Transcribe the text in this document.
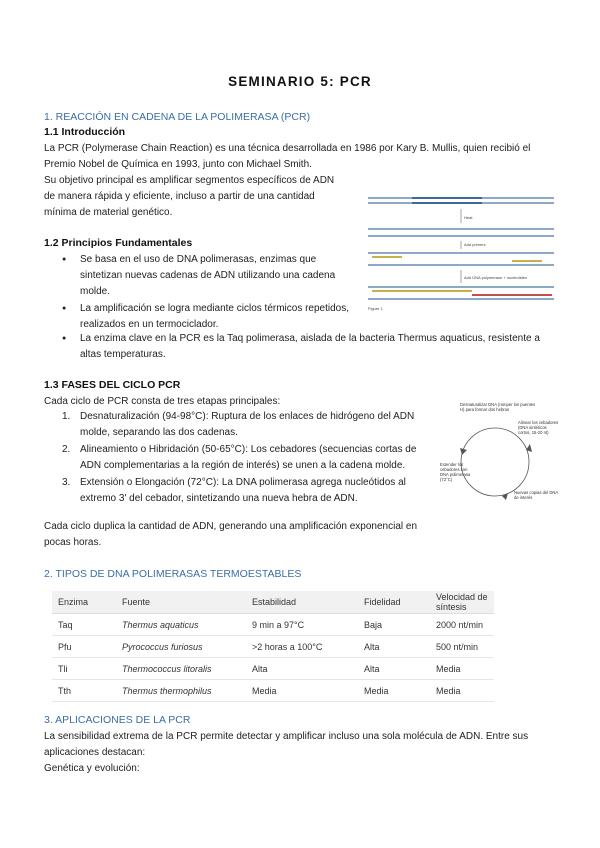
SEMINARIO 5: PCR
1. REACCIÓN EN CADENA DE LA POLIMERASA (PCR)
1.1 Introducción
La PCR (Polymerase Chain Reaction) es una técnica desarrollada en 1986 por Kary B. Mullis, quien recibió el Premio Nobel de Química en 1993, junto con Michael Smith.
Su objetivo principal es amplificar segmentos específicos de ADN de manera rápida y eficiente, incluso a partir de una cantidad mínima de material genético.
1.2 Principios Fundamentales
● Se basa en el uso de DNA polimerasas, enzimas que sintetizan nuevas cadenas de ADN utilizando una cadena molde.
● La amplificación se logra mediante ciclos térmicos repetidos, realizados en un termociclador.
● La enzima clave en la PCR es la Taq polimerasa, aislada de la bacteria Thermus aquaticus, resistente a altas temperaturas.
Heat
Add primers
Add DNA polymerase + nucleotides
Figure 1
1.3 FASES DEL CICLO PCR
Cada ciclo de PCR consta de tres etapas principales:
1. Desnaturalización (94-98°C): Ruptura de los enlaces de hidrógeno del ADN molde, separando las dos cadenas.
2. Alineamiento o Hibridación (50-65°C): Los cebadores (secuencias cortas de ADN complementarias a la región de interés) se unen a la cadena molde.
3. Extensión o Elongación (72°C): La DNA polimerasa agrega nucleótidos al extremo 3' del cebador, sintetizando una nueva hebra de ADN.
Cada ciclo duplica la cantidad de ADN, generando una amplificación exponencial en pocas horas.
Desnaturalizar DNA (romper los puentes H) para formar dos hebras
Alinear los cebadores (DNA sintéticos cortos, 15-20 nt)
Extender los cebadores con DNA polimerasa (72°C)
Nuevas copias del DNA de interés
2. TIPOS DE DNA POLIMERASAS TERMOESTABLES
Enzima	Fuente	Estabilidad	Fidelidad	Velocidad de síntesis
Taq	Thermus aquaticus	9 min a 97°C	Baja	2000 nt/min
Pfu	Pyrococcus furiosus	>2 horas a 100°C	Alta	500 nt/min
Tli	Thermococcus litoralis	Alta	Alta	Media
Tth	Thermus thermophilus	Media	Media	Media
3. APLICACIONES DE LA PCR
La sensibilidad extrema de la PCR permite detectar y amplificar incluso una sola molécula de ADN. Entre sus aplicaciones destacan:
Genética y evolución:
